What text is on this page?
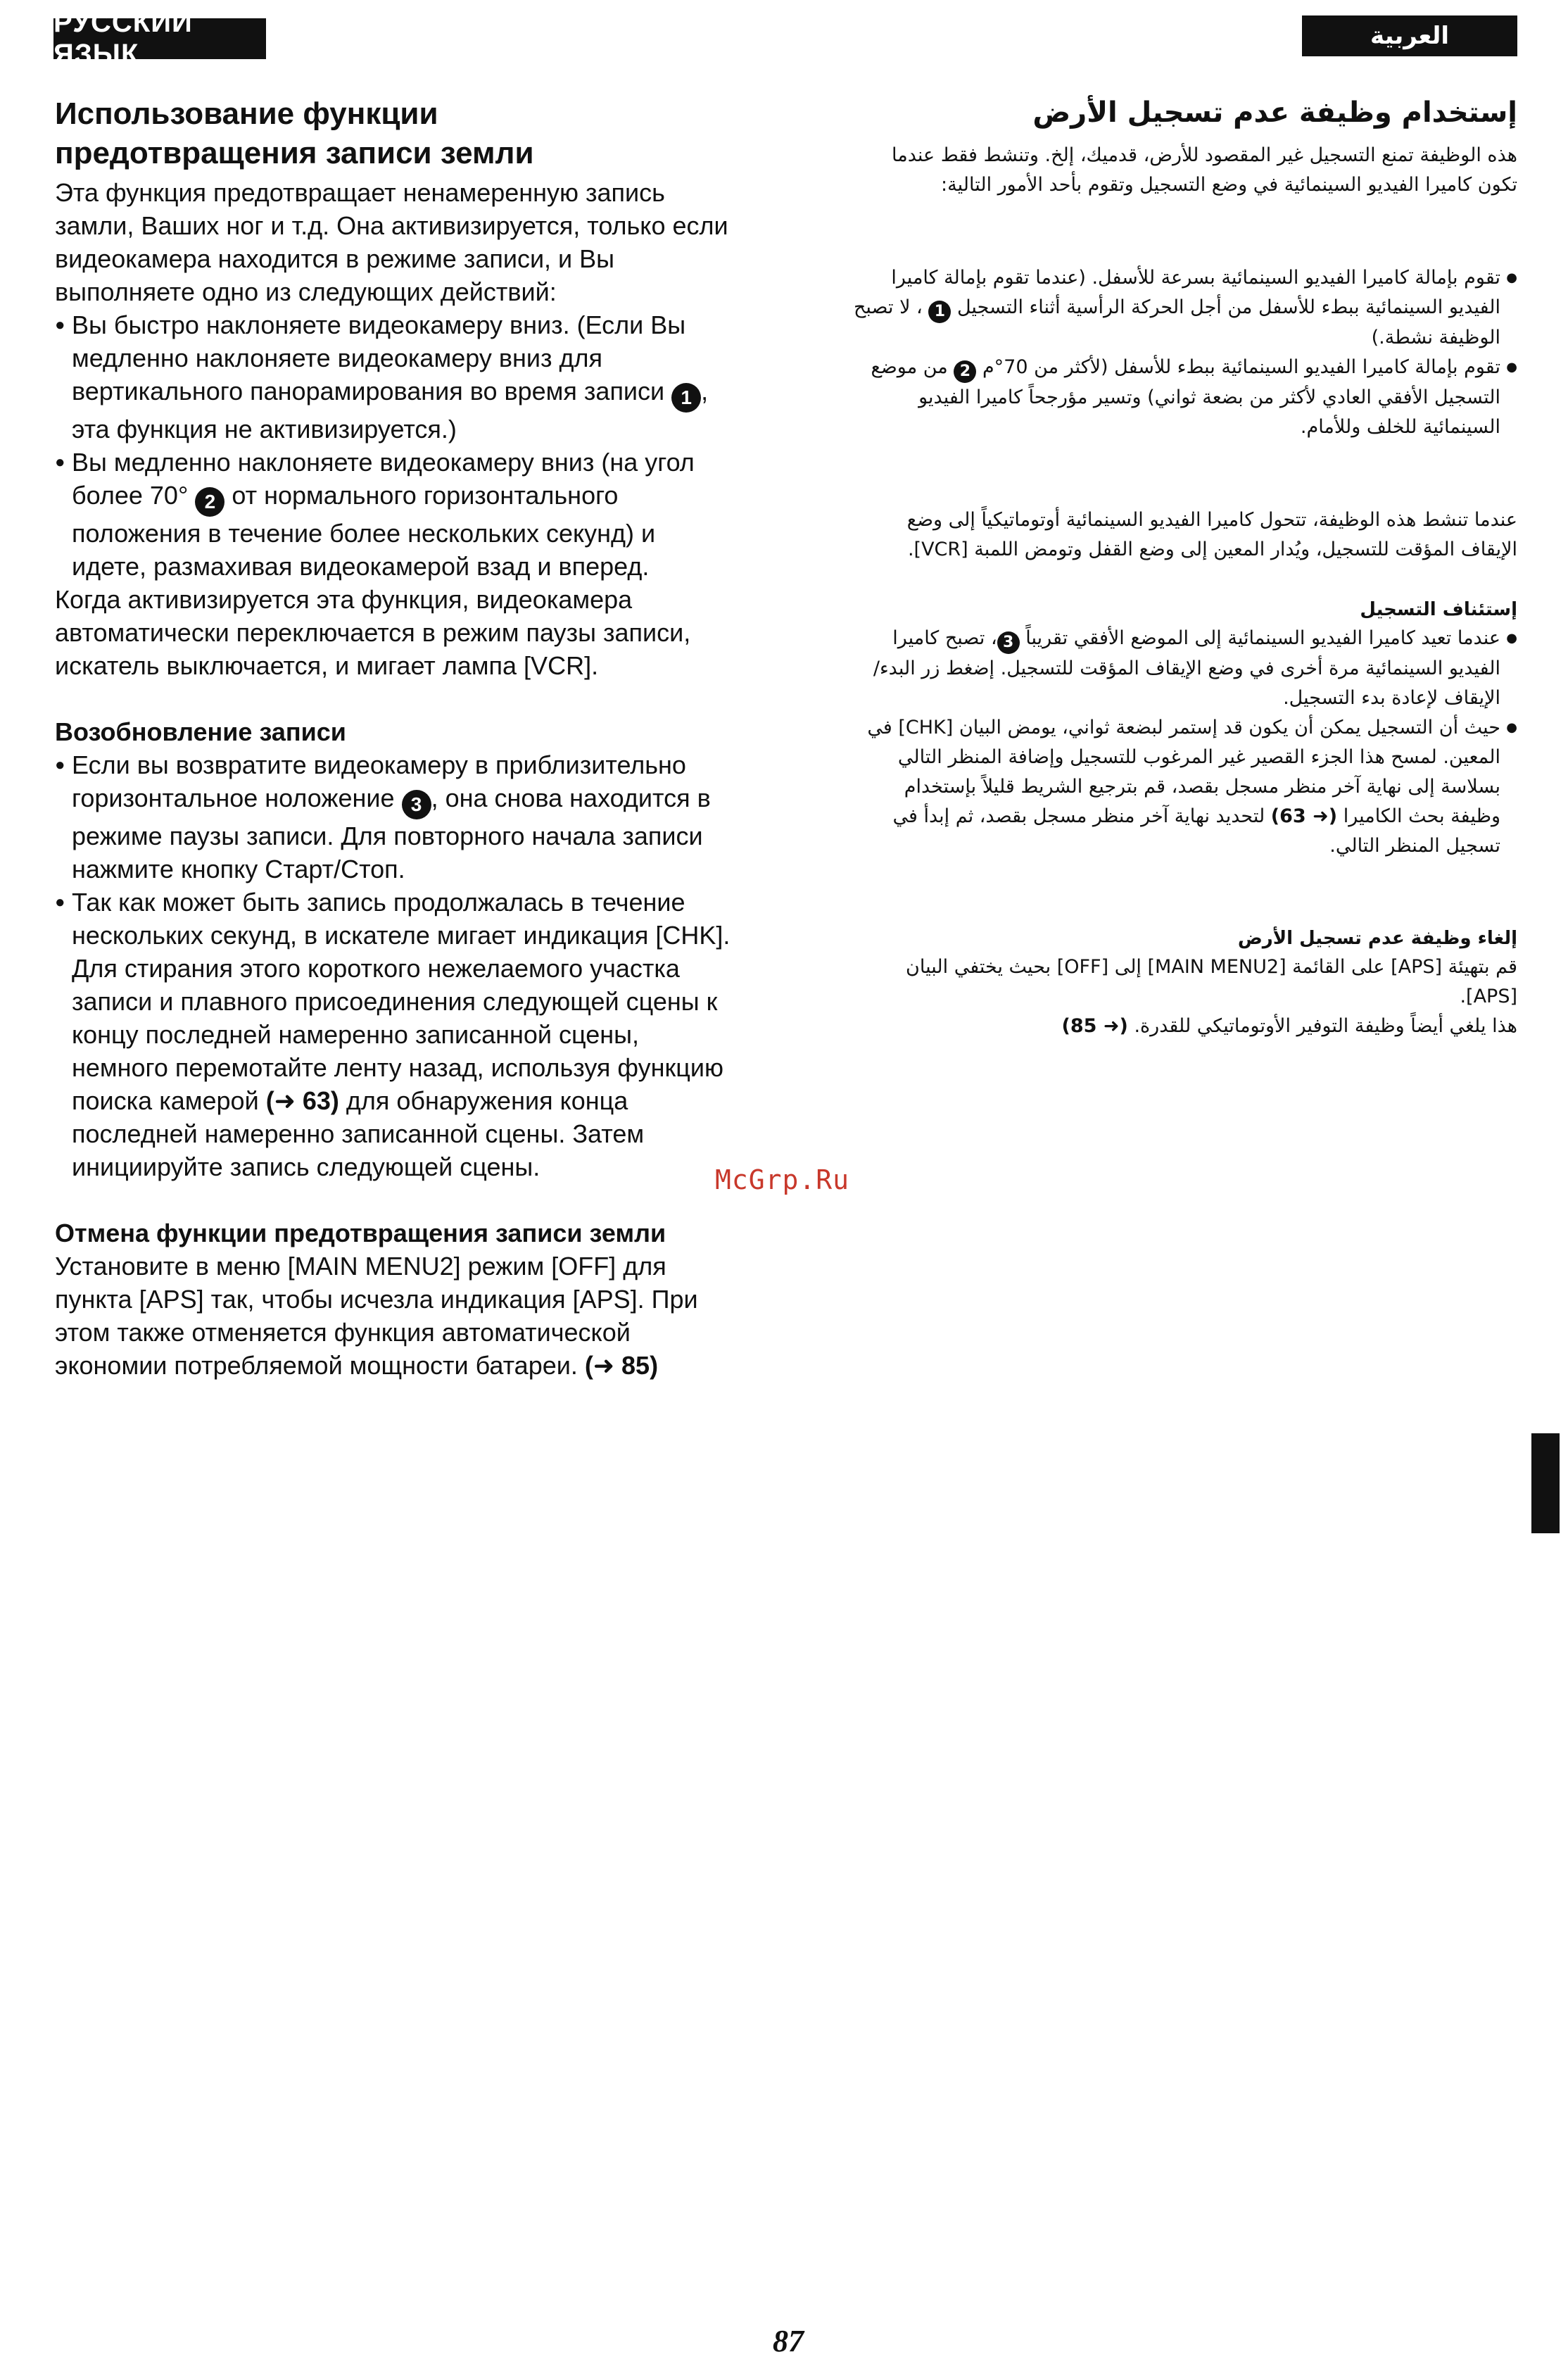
РУССКИЙ ЯЗЫК
العربية
Использование функции
предотвращения записи земли

Эта функция предотвращает ненамеренную запись замли, Ваших ног и т.д. Она активизируется, только если видеокамера находится в режиме записи, и Вы выполняете одно из следующих действий:

● Вы быстро наклоняете видеокамеру вниз. (Если Вы медленно наклоняете видеокамеру вниз для вертикального панорамирования во время записи 1 , эта функция не активизируется.)

● Вы медленно наклоняете видеокамеру вниз (на угол более 70° 2 от нормального горизонтального положения в течение более нескольких секунд) и идете, размахивая видеокамерой взад и вперед.

Когда активизируется эта функция, видеокамера автоматически переключается в режим паузы записи, искатель выключается, и мигает лампа [VCR].

Возобновление записи

● Если вы возвратите видеокамеру в приблизительно горизонтальное ноложение 3 , она снова находится в режиме паузы записи. Для повторного начала записи нажмите кнопку Старт/Стоп.

● Так как может быть запись продолжалась в течение нескольких секунд, в искателе мигает индикация [CHK].

Для стирания этого короткого нежелаемого участка записи и плавного присоединения следующей сцены к концу последней намеренно записанной сцены, немного перемотайте ленту назад, используя функцию поиска камерой (➜ 63) для обнаружения конца последней намеренно записанной сцены. Затем инициируйте запись следующей сцены.

Отмена функции предотвращения записи земли

Установите в меню [MAIN MENU2] режим [OFF] для пункта [APS] так, чтобы исчезла индикация [APS]. При этом также отменяется функция автоматической экономии потребляемой мощности батареи. (➜ 85)

إستخدام وظيفة عدم تسجيل الأرض

هذه الوظيفة تمنع التسجيل غير المقصود للأرض، قدميك، إلخ. وتنشط فقط عندما تكون كاميرا الفيديو السينمائية في وضع التسجيل وتقوم بأحد الأمور التالية:

● تقوم بإمالة كاميرا الفيديو السينمائية بسرعة للأسفل. (عندما تقوم بإمالة كاميرا الفيديو السينمائية ببطء للأسفل من أجل الحركة الرأسية أثناء التسجيل 1 ، لا تصبح الوظيفة نشطة.)

● تقوم بإمالة كاميرا الفيديو السينمائية ببطء للأسفل (لأكثر من 70°م 2 من موضع التسجيل الأفقي العادي لأكثر من بضعة ثواني) وتسير مؤرجحاً كاميرا الفيديو السينمائية للخلف وللأمام.

عندما تنشط هذه الوظيفة، تتحول كاميرا الفيديو السينمائية أوتوماتيكياً إلى وضع الإيقاف المؤقت للتسجيل، ويُدار المعين إلى وضع القفل وتومض اللمبة [VCR].

إستئناف التسجيل

● عندما تعيد كاميرا الفيديو السينمائية إلى الموضع الأفقي تقريباً 3، تصبح كاميرا الفيديو السينمائية مرة أخرى في وضع الإيقاف المؤقت للتسجيل. إضغط زر البدء/الإيقاف لإعادة بدء التسجيل.

● حيث أن التسجيل يمكن أن يكون قد إستمر لبضعة ثواني، يومض البيان [CHK] في المعين. لمسح هذا الجزء القصير غير المرغوب للتسجيل وإضافة المنظر التالي بسلاسة إلى نهاية آخر منظر مسجل بقصد، قم بترجيع الشريط قليلاً بإستخدام وظيفة بحث الكاميرا (➜ 63) لتحديد نهاية آخر منظر مسجل بقصد، ثم إبدأ في تسجيل المنظر التالي.

إلغاء وظيفة عدم تسجيل الأرض

قم بتهيئة [APS] على القائمة [MAIN MENU2] إلى [OFF] بحيث يختفي البيان [APS].

هذا يلغي أيضاً وظيفة التوفير الأوتوماتيكي للقدرة. (➜ 85)

McGrp.Ru
87
